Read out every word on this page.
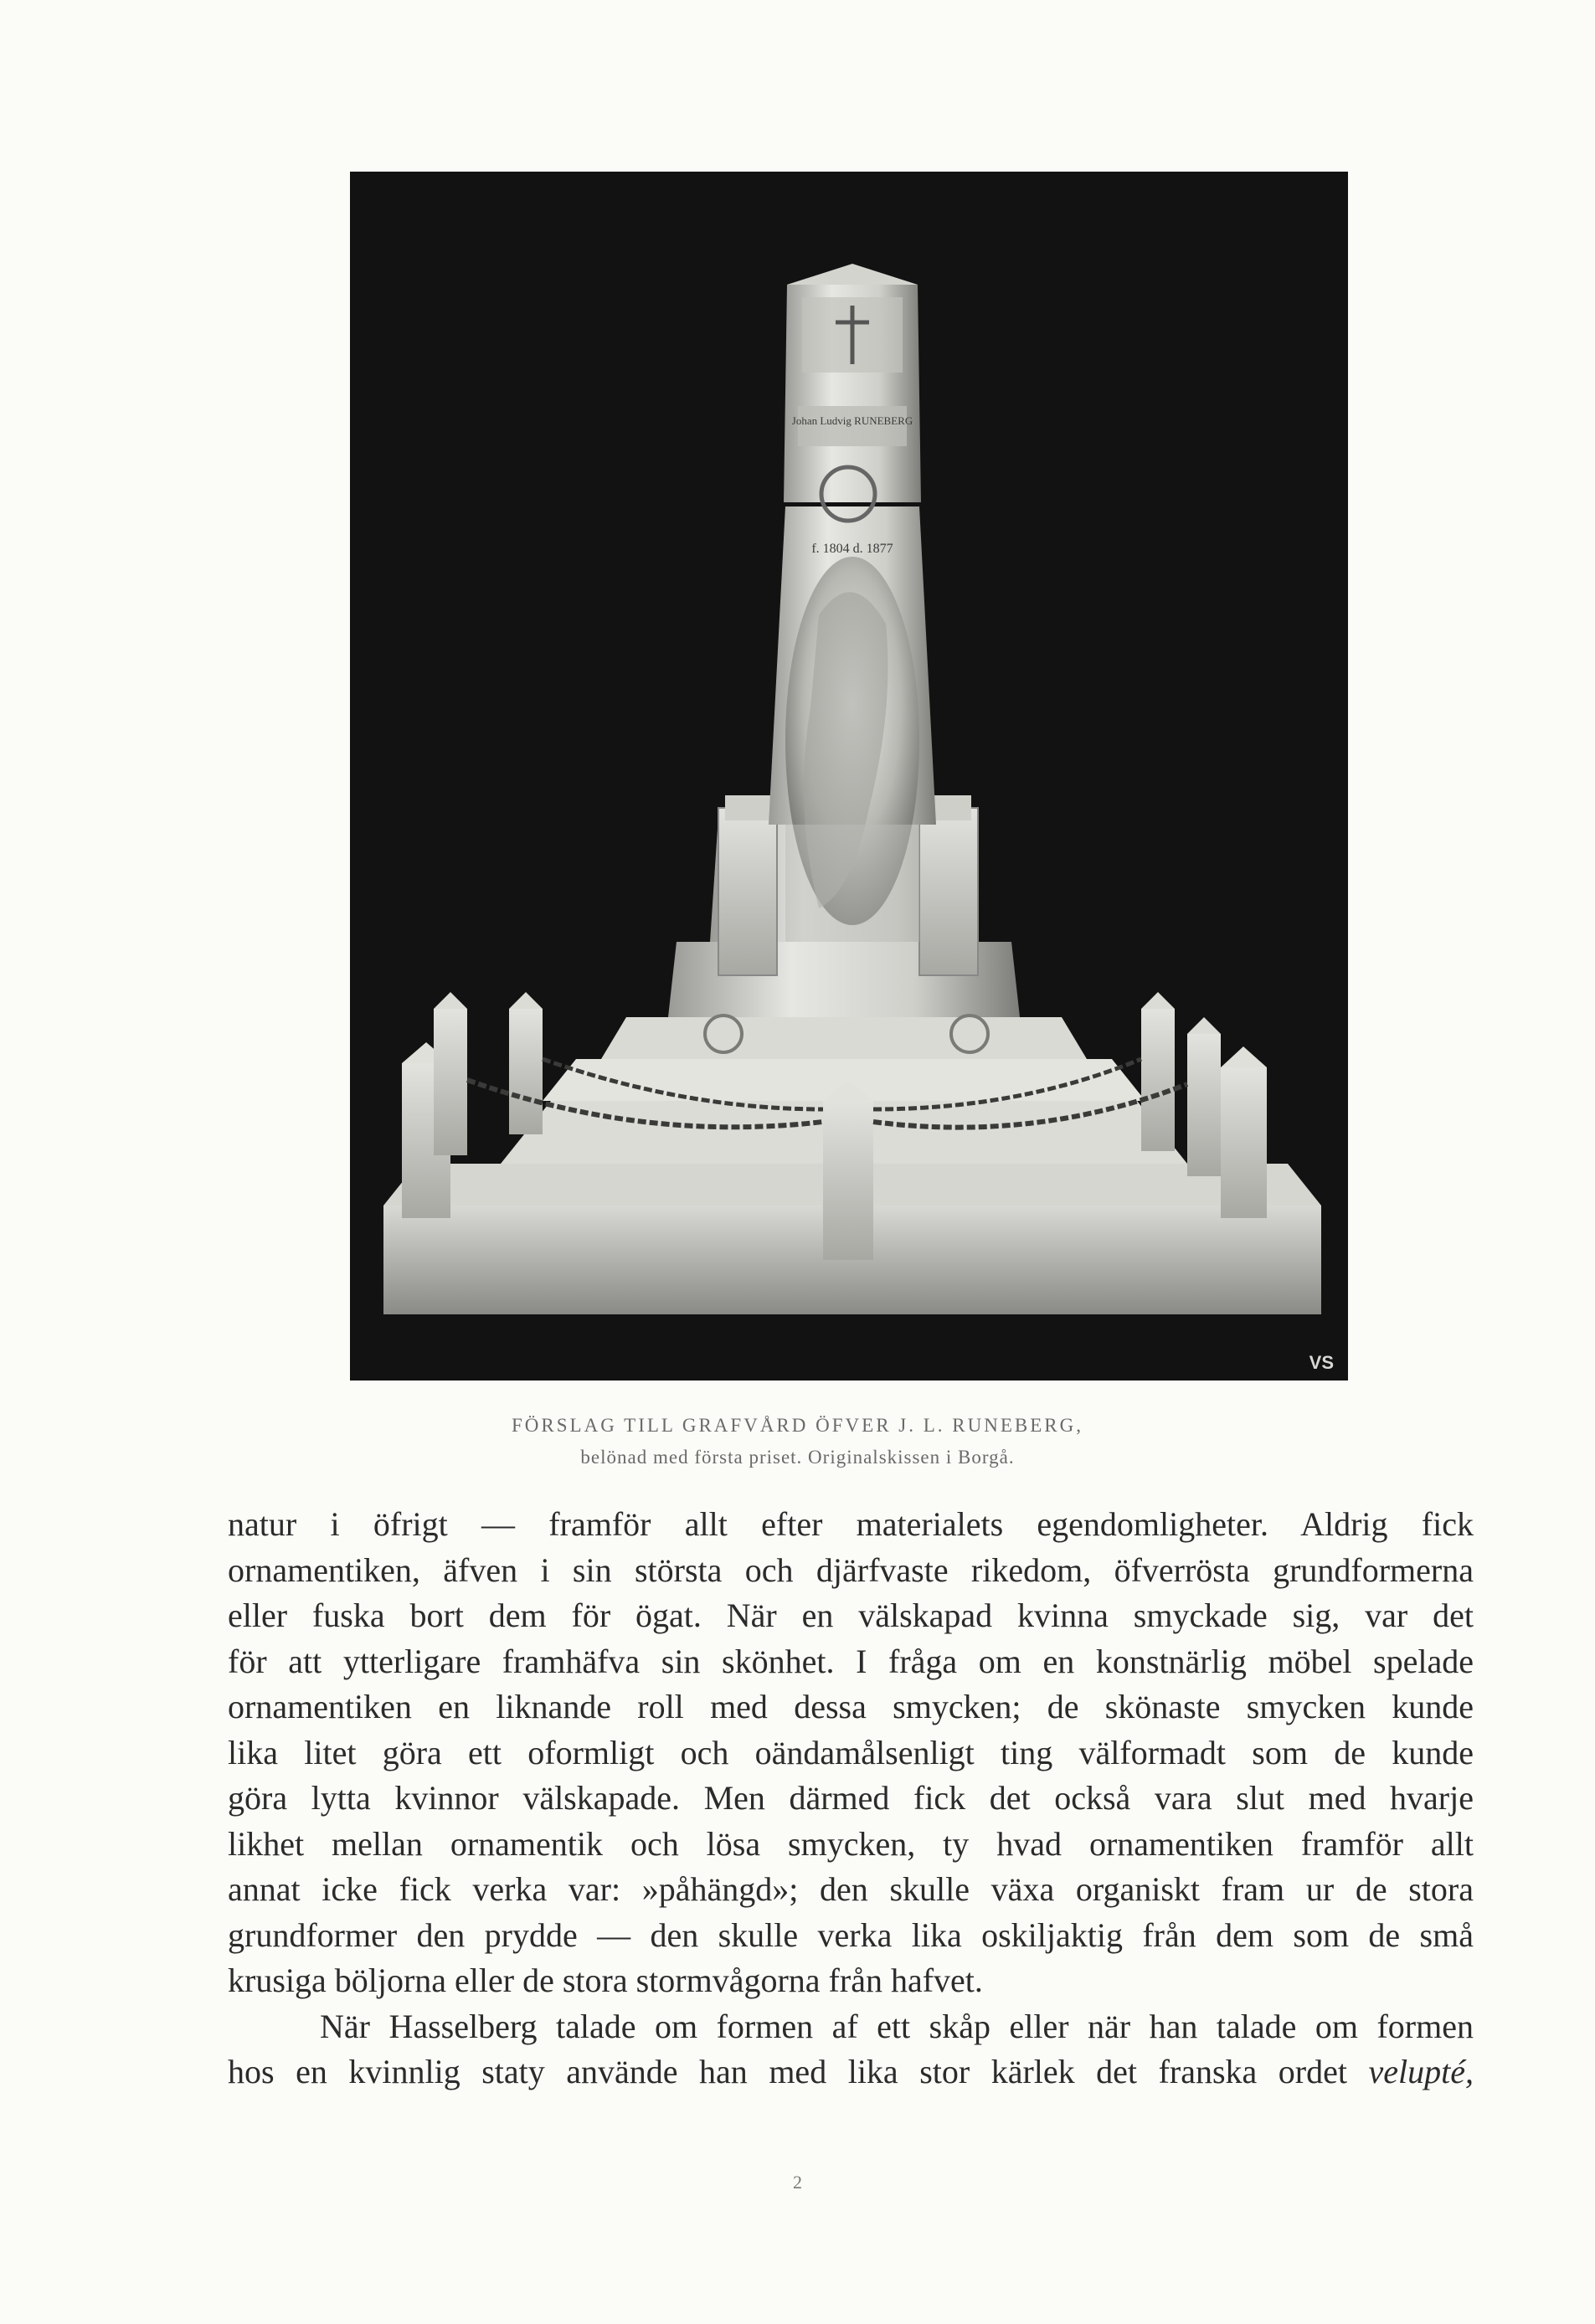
Johan Ludvig RUNEBERG
f. 1804 d. 1877
VS
FÖRSLAG TILL GRAFVÅRD ÖFVER J. L. RUNEBERG,
belönad med första priset. Originalskissen i Borgå.
natur i öfrigt — framför allt efter materialets egendomligheter. Aldrig fick
ornamentiken, äfven i sin största och djärfvaste rikedom, öfverrösta grundformerna
eller fuska bort dem för ögat. När en välskapad kvinna smyckade sig, var det
för att ytterligare framhäfva sin skönhet. I fråga om en konstnärlig möbel spelade
ornamentiken en liknande roll med dessa smycken; de skönaste smycken kunde
lika litet göra ett oformligt och oändamålsenligt ting välformadt som de kunde
göra lytta kvinnor välskapade. Men därmed fick det också vara slut med hvarje
likhet mellan ornamentik och lösa smycken, ty hvad ornamentiken framför allt
annat icke fick verka var: »påhängd»; den skulle växa organiskt fram ur de stora
grundformer den prydde — den skulle verka lika oskiljaktig från dem som de små
krusiga böljorna eller de stora stormvågorna från hafvet.
När Hasselberg talade om formen af ett skåp eller när han talade om formen
hos en kvinnlig staty använde han med lika stor kärlek det franska ordet velupté,
2
